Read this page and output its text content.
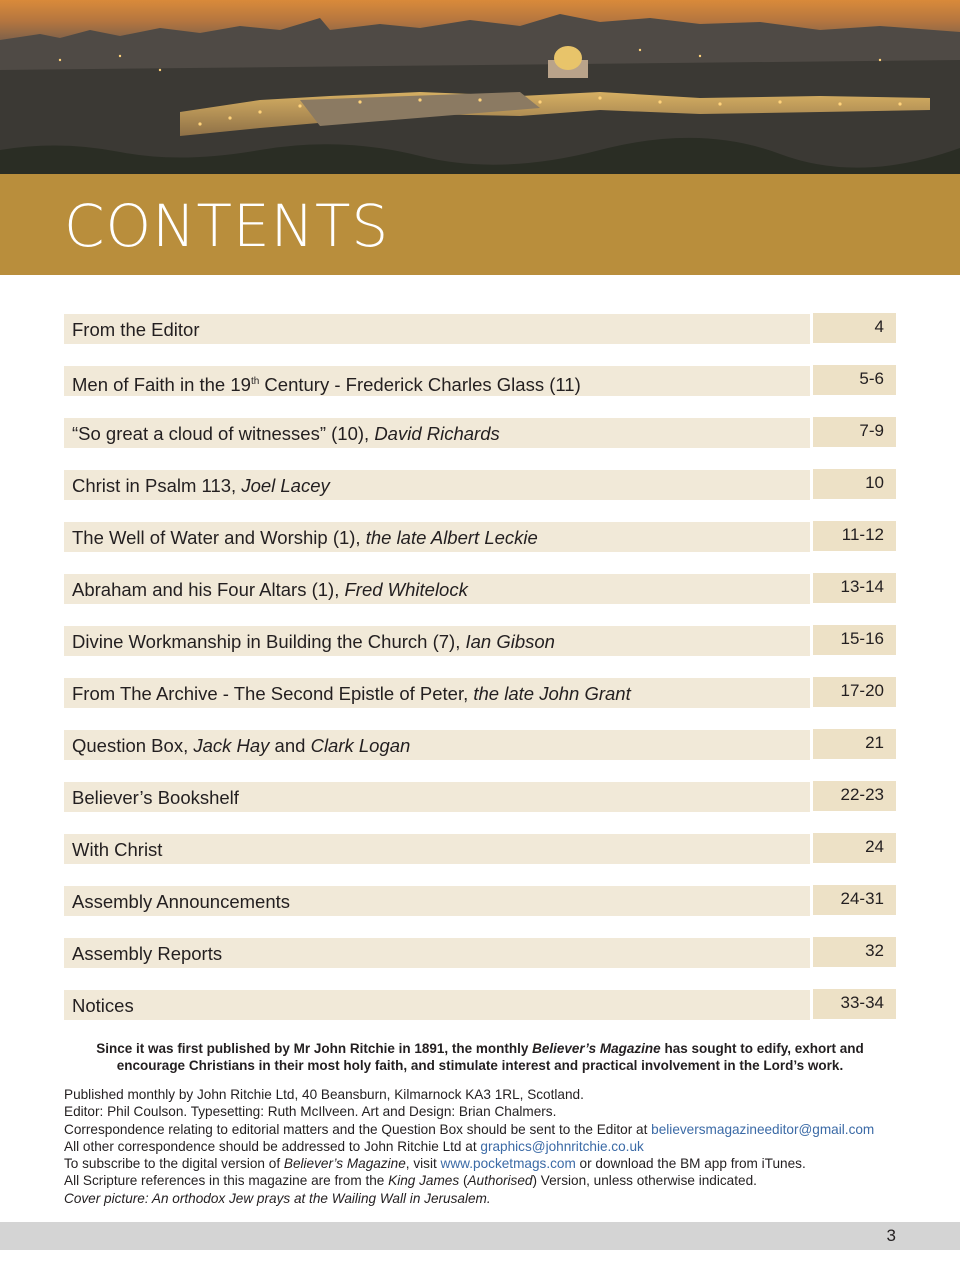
CONTENTS
From the Editor	4
Men of Faith in the 19th Century - Frederick Charles Glass (11)	5-6
“So great a cloud of witnesses” (10), David Richards	7-9
Christ in Psalm 113, Joel Lacey	10
The Well of Water and Worship (1), the late Albert Leckie	11-12
Abraham and his Four Altars (1), Fred Whitelock	13-14
Divine Workmanship in Building the Church (7), Ian Gibson	15-16
From The Archive - The Second Epistle of Peter, the late John Grant	17-20
Question Box, Jack Hay and Clark Logan	21
Believer’s Bookshelf	22-23
With Christ	24
Assembly Announcements	24-31
Assembly Reports	32
Notices	33-34
Since it was first published by Mr John Ritchie in 1891, the monthly Believer’s Magazine has sought to edify, exhort and
encourage Christians in their most holy faith, and stimulate interest and practical involvement in the Lord’s work.
Published monthly by John Ritchie Ltd, 40 Beansburn, Kilmarnock KA3 1RL, Scotland.
Editor: Phil Coulson. Typesetting: Ruth McIlveen. Art and Design: Brian Chalmers.
Correspondence relating to editorial matters and the Question Box should be sent to the Editor at believersmagazineeditor@gmail.com
All other correspondence should be addressed to John Ritchie Ltd at graphics@johnritchie.co.uk
To subscribe to the digital version of Believer’s Magazine, visit www.pocketmags.com or download the BM app from iTunes.
All Scripture references in this magazine are from the King James (Authorised) Version, unless otherwise indicated.
Cover picture: An orthodox Jew prays at the Wailing Wall in Jerusalem.
3
